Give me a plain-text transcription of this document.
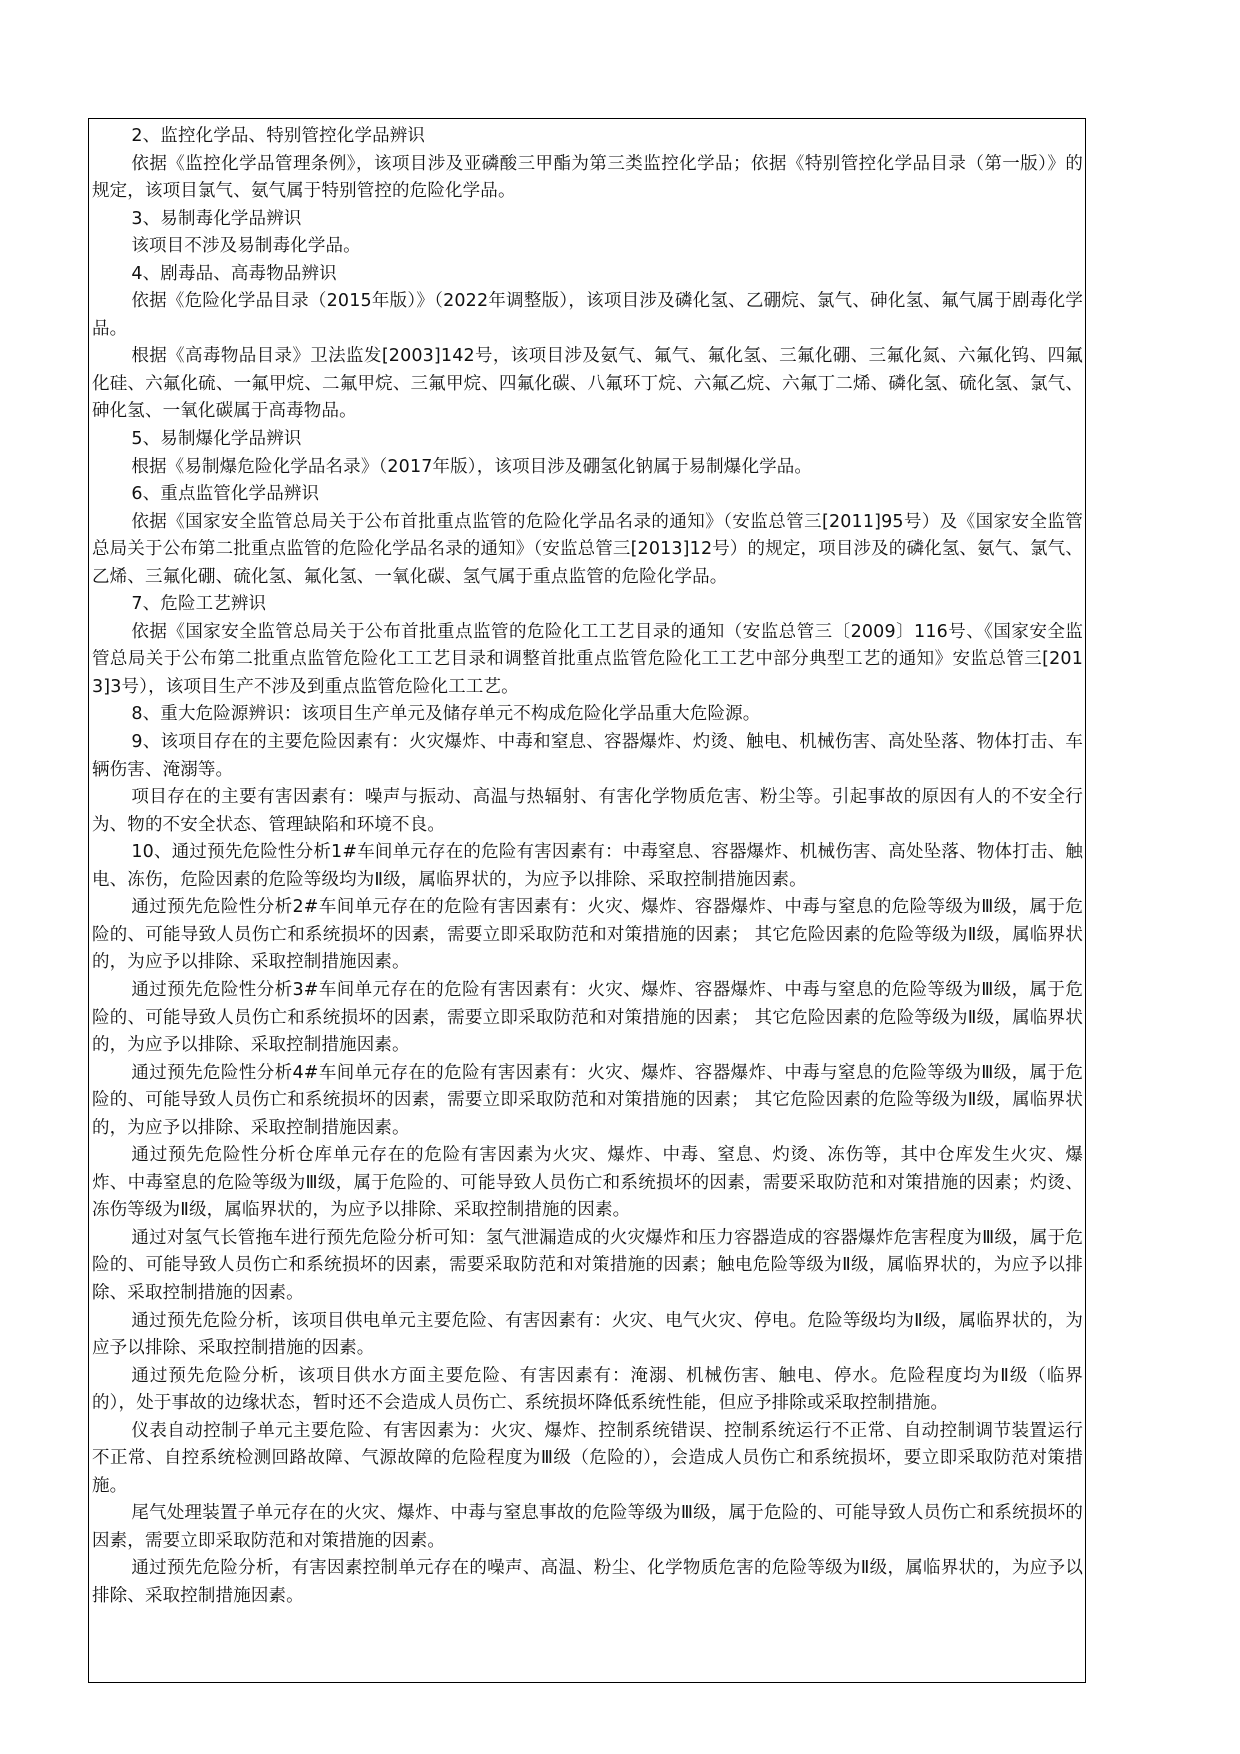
2、监控化学品、特别管控化学品辨识

依据《监控化学品管理条例》，该项目涉及亚磷酸三甲酯为第三类监控化学品；依据《特别管控化学品目录（第一版）》的规定，该项目氯气、氨气属于特别管控的危险化学品。

3、易制毒化学品辨识

该项目不涉及易制毒化学品。

4、剧毒品、高毒物品辨识

依据《危险化学品目录（2015年版）》（2022年调整版），该项目涉及磷化氢、乙硼烷、氯气、砷化氢、氟气属于剧毒化学品。

根据《高毒物品目录》卫法监发[2003]142号，该项目涉及氨气、氟气、氟化氢、三氟化硼、三氟化氮、六氟化钨、四氟化硅、六氟化硫、一氟甲烷、二氟甲烷、三氟甲烷、四氟化碳、八氟环丁烷、六氟乙烷、六氟丁二烯、磷化氢、硫化氢、氯气、砷化氢、一氧化碳属于高毒物品。

5、易制爆化学品辨识

根据《易制爆危险化学品名录》（2017年版），该项目涉及硼氢化钠属于易制爆化学品。

6、重点监管化学品辨识

依据《国家安全监管总局关于公布首批重点监管的危险化学品名录的通知》（安监总管三[2011]95号）及《国家安全监管总局关于公布第二批重点监管的危险化学品名录的通知》（安监总管三[2013]12号）的规定，项目涉及的磷化氢、氨气、氯气、乙烯、三氟化硼、硫化氢、氟化氢、一氧化碳、氢气属于重点监管的危险化学品。

7、危险工艺辨识

依据《国家安全监管总局关于公布首批重点监管的危险化工工艺目录的通知（安监总管三〔2009〕116号、《国家安全监管总局关于公布第二批重点监管危险化工工艺目录和调整首批重点监管危险化工工艺中部分典型工艺的通知》安监总管三[2013]3号），该项目生产不涉及到重点监管危险化工工艺。

8、重大危险源辨识：该项目生产单元及储存单元不构成危险化学品重大危险源。

9、该项目存在的主要危险因素有：火灾爆炸、中毒和窒息、容器爆炸、灼烫、触电、机械伤害、高处坠落、物体打击、车辆伤害、淹溺等。

项目存在的主要有害因素有：噪声与振动、高温与热辐射、有害化学物质危害、粉尘等。引起事故的原因有人的不安全行为、物的不安全状态、管理缺陷和环境不良。

10、通过预先危险性分析1#车间单元存在的危险有害因素有：中毒窒息、容器爆炸、机械伤害、高处坠落、物体打击、触电、冻伤，危险因素的危险等级均为Ⅱ级，属临界状的，为应予以排除、采取控制措施因素。

通过预先危险性分析2#车间单元存在的危险有害因素有：火灾、爆炸、容器爆炸、中毒与窒息的危险等级为Ⅲ级，属于危险的、可能导致人员伤亡和系统损坏的因素，需要立即采取防范和对策措施的因素； 其它危险因素的危险等级为Ⅱ级，属临界状的，为应予以排除、采取控制措施因素。

通过预先危险性分析3#车间单元存在的危险有害因素有：火灾、爆炸、容器爆炸、中毒与窒息的危险等级为Ⅲ级，属于危险的、可能导致人员伤亡和系统损坏的因素，需要立即采取防范和对策措施的因素； 其它危险因素的危险等级为Ⅱ级，属临界状的，为应予以排除、采取控制措施因素。

通过预先危险性分析4#车间单元存在的危险有害因素有：火灾、爆炸、容器爆炸、中毒与窒息的危险等级为Ⅲ级，属于危险的、可能导致人员伤亡和系统损坏的因素，需要立即采取防范和对策措施的因素； 其它危险因素的危险等级为Ⅱ级，属临界状的，为应予以排除、采取控制措施因素。

通过预先危险性分析仓库单元存在的危险有害因素为火灾、爆炸、中毒、窒息、灼烫、冻伤等，其中仓库发生火灾、爆炸、中毒窒息的危险等级为Ⅲ级，属于危险的、可能导致人员伤亡和系统损坏的因素，需要采取防范和对策措施的因素；灼烫、冻伤等级为Ⅱ级，属临界状的，为应予以排除、采取控制措施的因素。

通过对氢气长管拖车进行预先危险分析可知：氢气泄漏造成的火灾爆炸和压力容器造成的容器爆炸危害程度为Ⅲ级，属于危险的、可能导致人员伤亡和系统损坏的因素，需要采取防范和对策措施的因素；触电危险等级为Ⅱ级，属临界状的，为应予以排除、采取控制措施的因素。

通过预先危险分析，该项目供电单元主要危险、有害因素有：火灾、电气火灾、停电。危险等级均为Ⅱ级，属临界状的，为应予以排除、采取控制措施的因素。

通过预先危险分析，该项目供水方面主要危险、有害因素有：淹溺、机械伤害、触电、停水。危险程度均为Ⅱ级（临界的），处于事故的边缘状态，暂时还不会造成人员伤亡、系统损坏降低系统性能，但应予排除或采取控制措施。

仪表自动控制子单元主要危险、有害因素为：火灾、爆炸、控制系统错误、控制系统运行不正常、自动控制调节装置运行不正常、自控系统检测回路故障、气源故障的危险程度为Ⅲ级（危险的），会造成人员伤亡和系统损坏，要立即采取防范对策措施。

尾气处理装置子单元存在的火灾、爆炸、中毒与窒息事故的危险等级为Ⅲ级，属于危险的、可能导致人员伤亡和系统损坏的因素，需要立即采取防范和对策措施的因素。

通过预先危险分析，有害因素控制单元存在的噪声、高温、粉尘、化学物质危害的危险等级为Ⅱ级，属临界状的，为应予以排除、采取控制措施因素。
